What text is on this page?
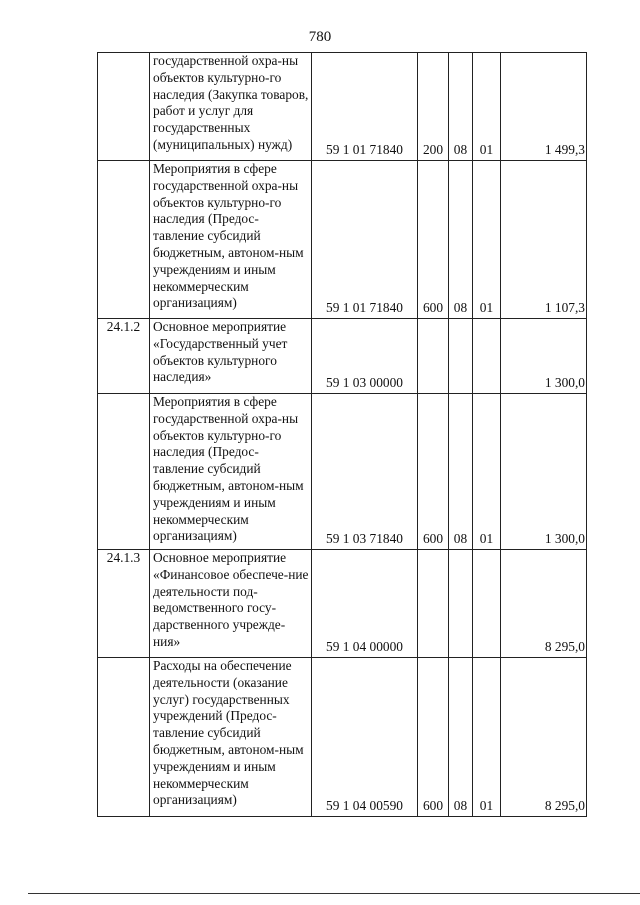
780
	государственной охра-ны объектов культурно-го наследия (Закупка товаров, работ и услуг для государственных (муниципальных) нужд)	59 1 01 71840	200	08	01	1 499,3
	Мероприятия в сфере государственной охра-ны объектов культурно-го наследия (Предос-тавление субсидий бюджетным, автоном-ным учреждениям и иным некоммерческим организациям)	59 1 01 71840	600	08	01	1 107,3
24.1.2	Основное мероприятие «Государственный учет объектов культурного наследия»	59 1 03 00000				1 300,0
	Мероприятия в сфере государственной охра-ны объектов культурно-го наследия (Предос-тавление субсидий бюджетным, автоном-ным учреждениям и иным некоммерческим организациям)	59 1 03 71840	600	08	01	1 300,0
24.1.3	Основное мероприятие «Финансовое обеспече-ние деятельности под-ведомственного госу-дарственного учрежде-ния»	59 1 04 00000				8 295,0
	Расходы на обеспечение деятельности (оказание услуг) государственных учреждений (Предос-тавление субсидий бюджетным, автоном-ным учреждениям и иным некоммерческим организациям)	59 1 04 00590	600	08	01	8 295,0
